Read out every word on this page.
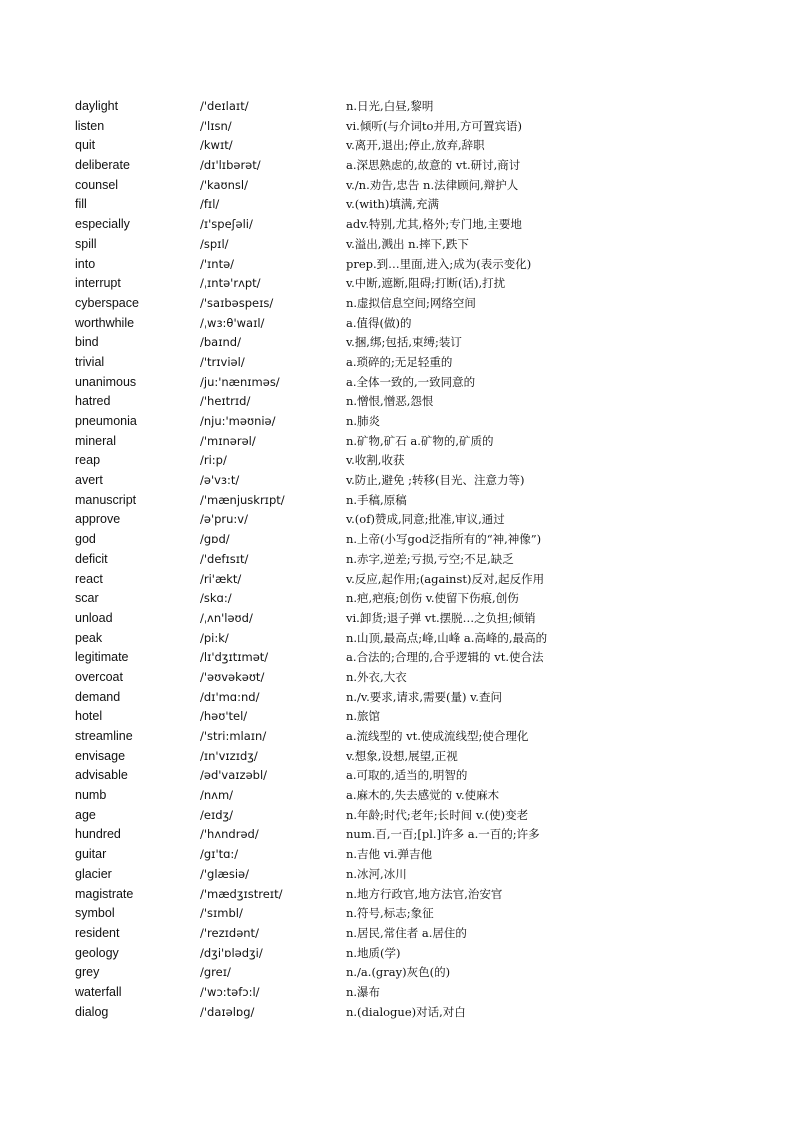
daylight	/'deɪlaɪt/	n.日光,白昼,黎明
listen	/'lɪsn/	vi.倾听(与介词to并用,方可置宾语)
quit	/kwɪt/	v.离开,退出;停止,放弃,辞职
deliberate	/dɪ'lɪbərət/	a.深思熟虑的,故意的 vt.研讨,商讨
counsel	/'kaʊnsl/	v./n.劝告,忠告 n.法律顾问,辩护人
fill	/fɪl/	v.(with)填满,充满
especially	/ɪ'speʃəli/	adv.特别,尤其,格外;专门地,主要地
spill	/spɪl/	v.溢出,溅出 n.摔下,跌下
into	/'ɪntə/	prep.到…里面,进入;成为(表示变化)
interrupt	/ˌɪntə'rʌpt/	v.中断,遮断,阻碍;打断(话),打扰
cyberspace	/'saɪbəspeɪs/	n.虚拟信息空间;网络空间
worthwhile	/ˌwɜ:θ'waɪl/	a.值得(做)的
bind	/baɪnd/	v.捆,绑;包括,束缚;装订
trivial	/'trɪviəl/	a.琐碎的;无足轻重的
unanimous	/ju:'nænɪməs/	a.全体一致的,一致同意的
hatred	/'heɪtrɪd/	n.憎恨,憎恶,怨恨
pneumonia	/nju:'məʊniə/	n.肺炎
mineral	/'mɪnərəl/	n.矿物,矿石 a.矿物的,矿质的
reap	/ri:p/	v.收割,收获
avert	/ə'vɜ:t/	v.防止,避免 ;转移(目光、注意力等)
manuscript	/'mænjuskrɪpt/	n.手稿,原稿
approve	/ə'pru:v/	v.(of)赞成,同意;批准,审议,通过
god	/gɒd/	n.上帝(小写god泛指所有的“神,神像”)
deficit	/'defɪsɪt/	n.赤字,逆差;亏损,亏空;不足,缺乏
react	/ri'ækt/	v.反应,起作用;(against)反对,起反作用
scar	/skɑ:/	n.疤,疤痕;创伤 v.使留下伤痕,创伤
unload	/ˌʌn'ləʊd/	vi.卸货;退子弹 vt.摆脱…之负担;倾销
peak	/pi:k/	n.山顶,最高点;峰,山峰 a.高峰的,最高的
legitimate	/lɪ'dʒɪtɪmət/	a.合法的;合理的,合乎逻辑的 vt.使合法
overcoat	/'əʊvəkəʊt/	n.外衣,大衣
demand	/dɪ'mɑ:nd/	n./v.要求,请求,需要(量) v.查问
hotel	/həʊ'tel/	n.旅馆
streamline	/'stri:mlaɪn/	a.流线型的 vt.使成流线型;使合理化
envisage	/ɪn'vɪzɪdʒ/	v.想象,设想,展望,正视
advisable	/əd'vaɪzəbl/	a.可取的,适当的,明智的
numb	/nʌm/	a.麻木的,失去感觉的 v.使麻木
age	/eɪdʒ/	n.年龄;时代;老年;长时间 v.(使)变老
hundred	/'hʌndrəd/	num.百,一百;[pl.]许多 a.一百的;许多
guitar	/gɪ'tɑ:/	n.吉他 vi.弹吉他
glacier	/'glæsiə/	n.冰河,冰川
magistrate	/'mædʒɪstreɪt/	n.地方行政官,地方法官,治安官
symbol	/'sɪmbl/	n.符号,标志;象征
resident	/'rezɪdənt/	n.居民,常住者 a.居住的
geology	/dʒi'ɒlədʒi/	n.地质(学)
grey	/greɪ/	n./a.(gray)灰色(的)
waterfall	/'wɔ:təfɔ:l/	n.瀑布
dialog	/'daɪəlɒg/	n.(dialogue)对话,对白
